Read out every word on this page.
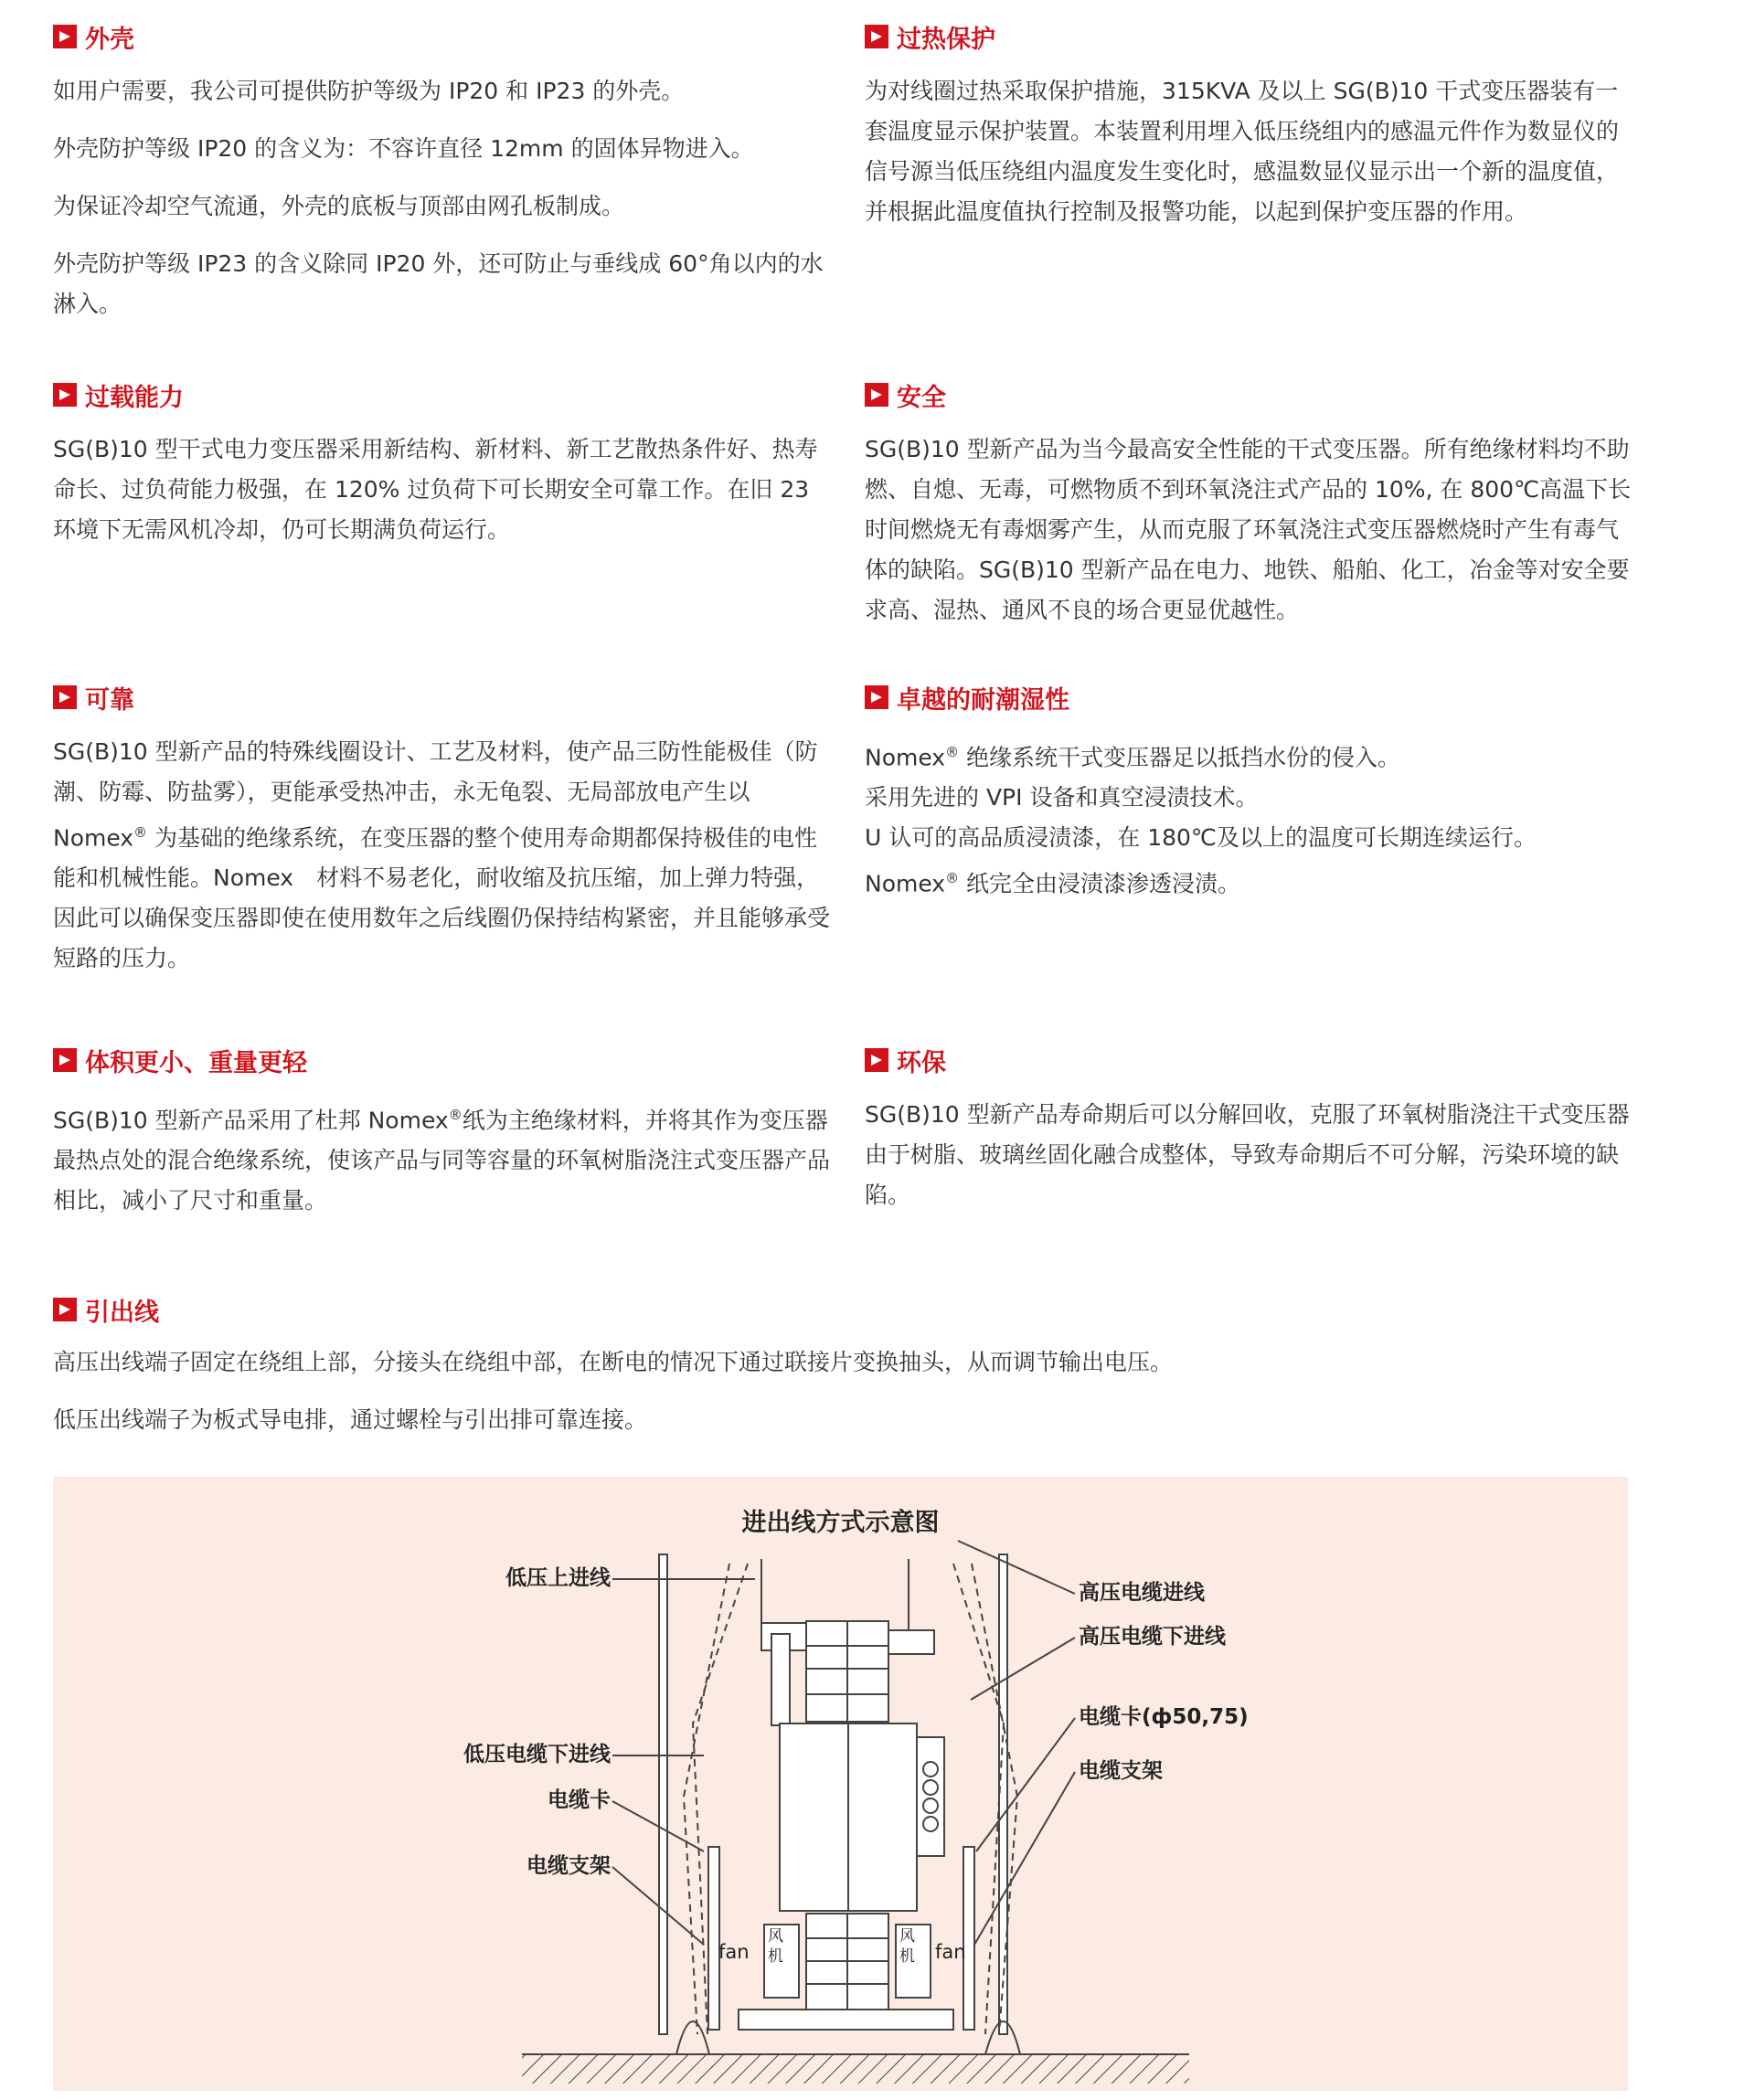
外壳

如用户需要，我公司可提供防护等级为 IP20 和 IP23 的外壳。

外壳防护等级 IP20 的含义为：不容许直径 12mm 的固体异物进入。

为保证冷却空气流通，外壳的底板与顶部由网孔板制成。

外壳防护等级 IP23 的含义除同 IP20 外，还可防止与垂线成 60°角以内的水淋入。

过热保护

为对线圈过热采取保护措施，315KVA 及以上 SG(B)10 干式变压器装有一套温度显示保护装置。本装置利用埋入低压绕组内的感温元件作为数显仪的信号源当低压绕组内温度发生变化时，感温数显仪显示出一个新的温度值，并根据此温度值执行控制及报警功能，以起到保护变压器的作用。

过载能力

SG(B)10 型干式电力变压器采用新结构、新材料、新工艺散热条件好、热寿命长、过负荷能力极强，在 120% 过负荷下可长期安全可靠工作。在旧 23 环境下无需风机冷却，仍可长期满负荷运行。

安全

SG(B)10 型新产品为当今最高安全性能的干式变压器。所有绝缘材料均不助燃、自熄、无毒，可燃物质不到环氧浇注式产品的 10%, 在 800℃高温下长时间燃烧无有毒烟雾产生，从而克服了环氧浇注式变压器燃烧时产生有毒气体的缺陷。SG(B)10 型新产品在电力、地铁、船舶、化工，冶金等对安全要求高、湿热、通风不良的场合更显优越性。

可靠

SG(B)10 型新产品的特殊线圈设计、工艺及材料，使产品三防性能极佳（防潮、防霉、防盐雾），更能承受热冲击，永无龟裂、无局部放电产生以 Nomex® 为基础的绝缘系统，在变压器的整个使用寿命期都保持极佳的电性能和机械性能。Nomex　材料不易老化，耐收缩及抗压缩，加上弹力特强，因此可以确保变压器即使在使用数年之后线圈仍保持结构紧密，并且能够承受短路的压力。

卓越的耐潮湿性

Nomex® 绝缘系统干式变压器足以抵挡水份的侵入。

采用先进的 VPI 设备和真空浸渍技术。

U 认可的高品质浸渍漆，在 180℃及以上的温度可长期连续运行。

Nomex® 纸完全由浸渍漆渗透浸渍。

体积更小、重量更轻

SG(B)10 型新产品采用了杜邦 Nomex®纸为主绝缘材料，并将其作为变压器最热点处的混合绝缘系统，使该产品与同等容量的环氧树脂浇注式变压器产品相比，减小了尺寸和重量。

环保

SG(B)10 型新产品寿命期后可以分解回收，克服了环氧树脂浇注干式变压器由于树脂、玻璃丝固化融合成整体，导致寿命期后不可分解，污染环境的缺陷。

引出线

高压出线端子固定在绕组上部，分接头在绕组中部，在断电的情况下通过联接片变换抽头，从而调节输出电压。

低压出线端子为板式导电排，通过螺栓与引出排可靠连接。

进出线方式示意图
fan
风机
风机	fan
低压上进线
低压电缆下进线
电缆卡
电缆支架
高压电缆进线
高压电缆下进线
电缆卡(ф50,75)
电缆支架
